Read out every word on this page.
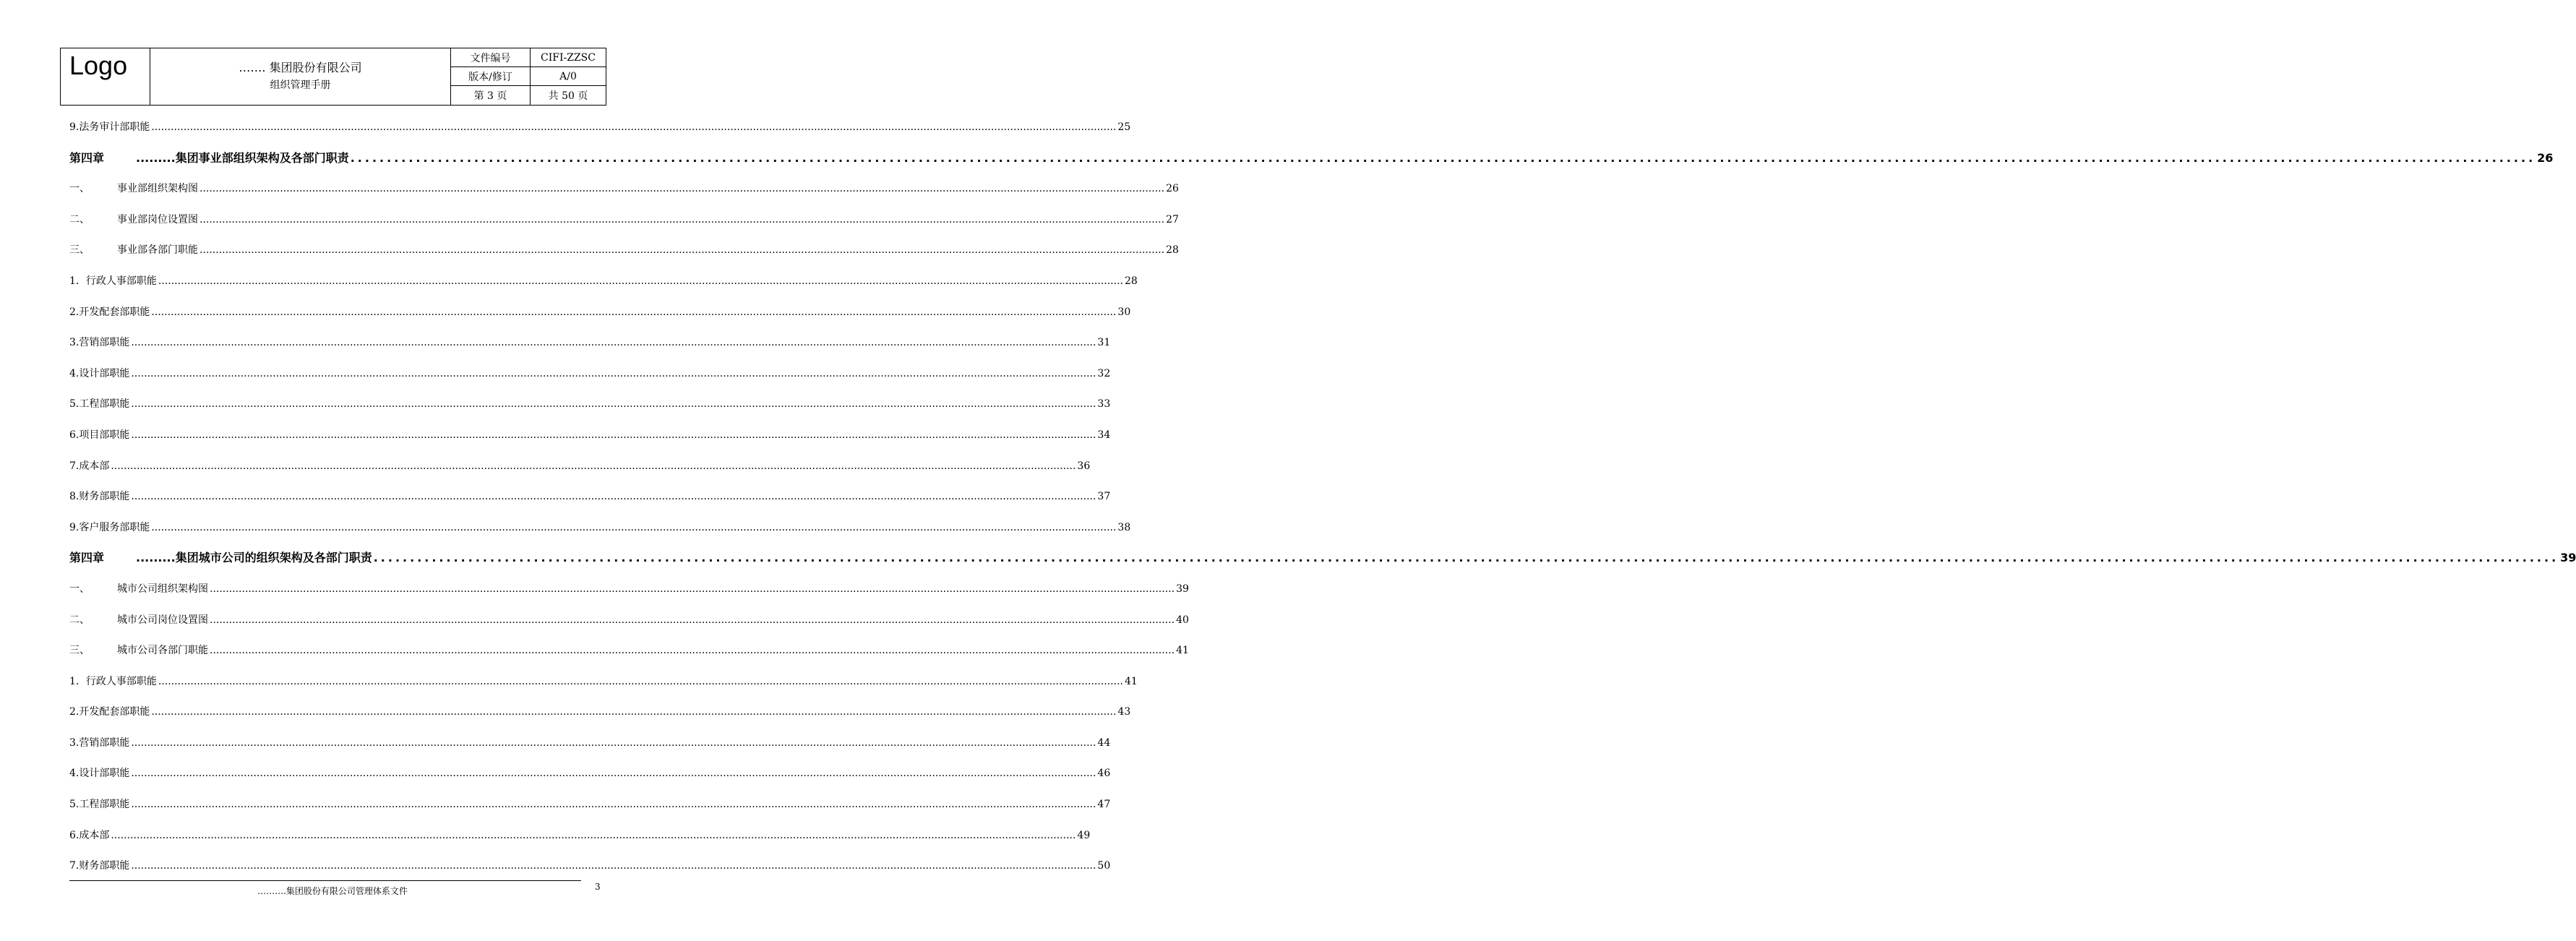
Logo	……. 集团股份有限公司
组织管理手册
文件编号	CIFI-ZZSC
版本/修订	A/0
第 3 页	共 50 页
9.法务审计部职能 ............................................................................................................................................................................................................................................................................................................ 25
第四章	.........集团事业部组织架构及各部门职责 ............................................................................................................................................................................................................................................................................................................ 26
一、	事业部组织架构图 ............................................................................................................................................................................................................................................................................................................ 26
二、	事业部岗位设置图 ............................................................................................................................................................................................................................................................................................................ 27
三、	事业部各部门职能 ............................................................................................................................................................................................................................................................................................................ 28
1．行政人事部职能 ............................................................................................................................................................................................................................................................................................................ 28
2.开发配套部职能 ............................................................................................................................................................................................................................................................................................................ 30
3.营销部职能 ............................................................................................................................................................................................................................................................................................................ 31
4.设计部职能 ............................................................................................................................................................................................................................................................................................................ 32
5.工程部职能 ............................................................................................................................................................................................................................................................................................................ 33
6.项目部职能 ............................................................................................................................................................................................................................................................................................................ 34
7.成本部 ............................................................................................................................................................................................................................................................................................................ 36
8.财务部职能 ............................................................................................................................................................................................................................................................................................................ 37
9.客户服务部职能 ............................................................................................................................................................................................................................................................................................................ 38
第四章	.........集团城市公司的组织架构及各部门职责 ............................................................................................................................................................................................................................................................................................................ 39
一、	城市公司组织架构图 ............................................................................................................................................................................................................................................................................................................ 39
二、	城市公司岗位设置图 ............................................................................................................................................................................................................................................................................................................ 40
三、	城市公司各部门职能 ............................................................................................................................................................................................................................................................................................................ 41
1．行政人事部职能 ............................................................................................................................................................................................................................................................................................................ 41
2.开发配套部职能 ............................................................................................................................................................................................................................................................................................................ 43
3.营销部职能 ............................................................................................................................................................................................................................................................................................................ 44
4.设计部职能 ............................................................................................................................................................................................................................................................................................................ 46
5.工程部职能 ............................................................................................................................................................................................................................................................................................................ 47
6.成本部 ............................................................................................................................................................................................................................................................................................................ 49
7.财务部职能 ............................................................................................................................................................................................................................................................................................................ 50
……….集团股份有限公司管理体系文件	3
